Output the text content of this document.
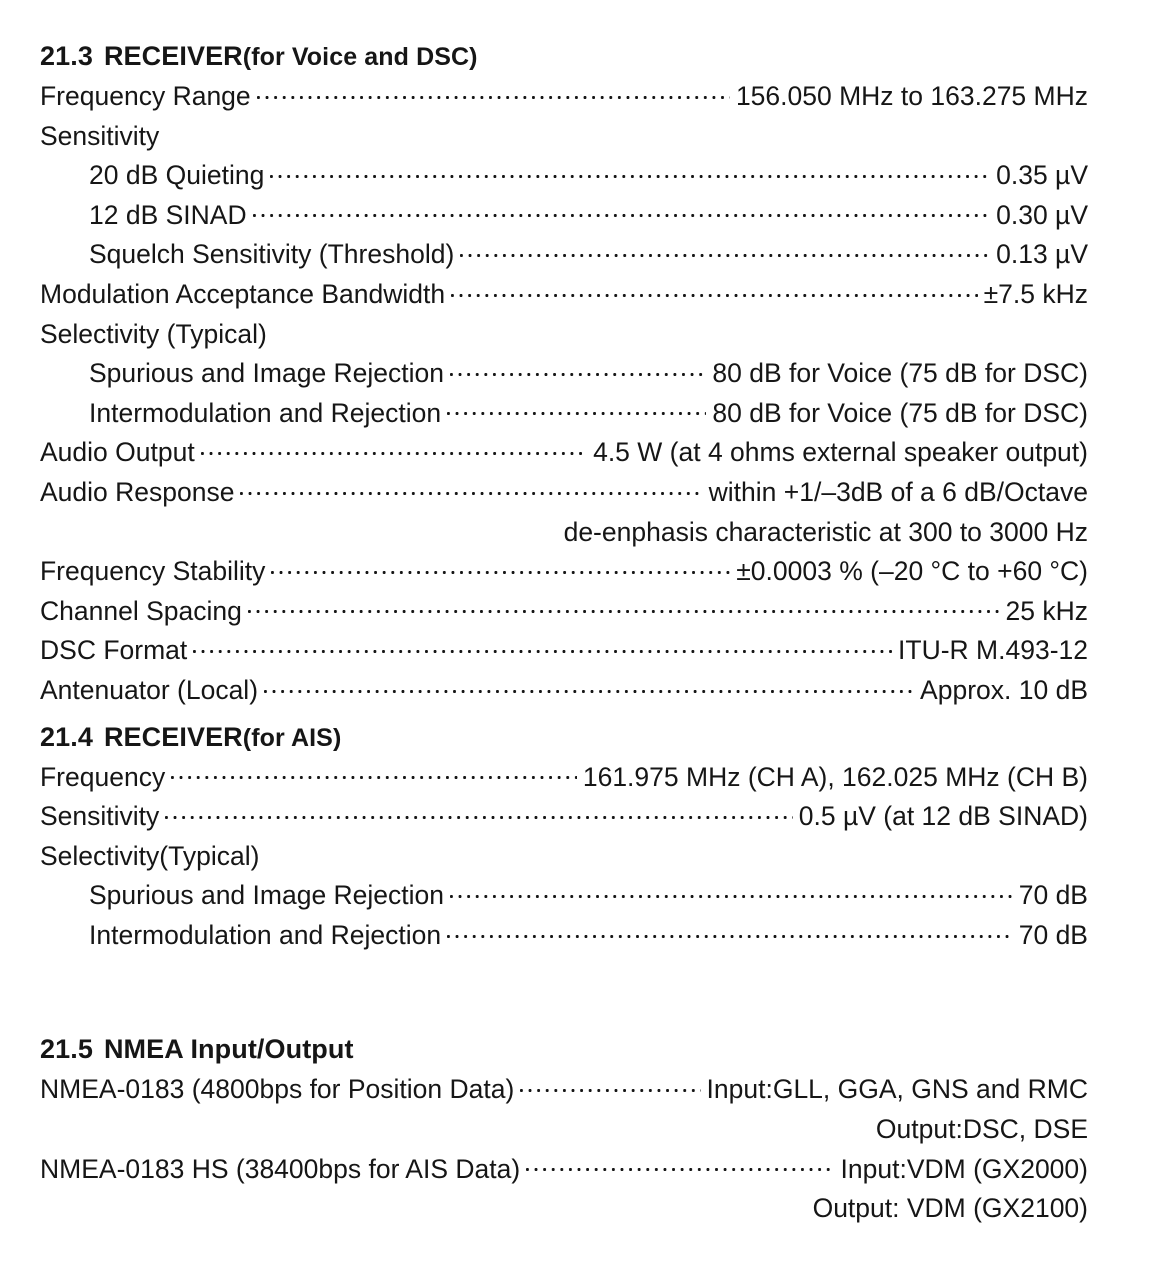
21.3 RECEIVER(for Voice and DSC)
Frequency Range	156.050 MHz to 163.275 MHz
Sensitivity
20 dB Quieting	0.35 µV
12 dB SINAD	0.30 µV
Squelch Sensitivity (Threshold)	0.13 µV
Modulation Acceptance Bandwidth	±7.5 kHz
Selectivity (Typical)
Spurious and Image Rejection	80 dB for Voice (75 dB for DSC)
Intermodulation and Rejection	80 dB for Voice (75 dB for DSC)
Audio Output	4.5 W (at 4 ohms external speaker output)
Audio Response	within +1/–3dB of a 6 dB/Octave
de-enphasis characteristic at 300 to 3000 Hz
Frequency Stability	±0.0003 % (–20 °C to +60 °C)
Channel Spacing	25 kHz
DSC Format	ITU-R M.493-12
Antenuator (Local)	Approx. 10 dB
21.4 RECEIVER(for AIS)
Frequency	161.975 MHz (CH A), 162.025 MHz (CH B)
Sensitivity	0.5 µV (at 12 dB SINAD)
Selectivity(Typical)
Spurious and Image Rejection	70 dB
Intermodulation and Rejection	70 dB
21.5 NMEA Input/Output
NMEA-0183 (4800bps for Position Data)	Input:GLL, GGA, GNS and RMC
Output:DSC, DSE
NMEA-0183 HS (38400bps for AIS Data)	Input:VDM (GX2000)
Output: VDM (GX2100)
